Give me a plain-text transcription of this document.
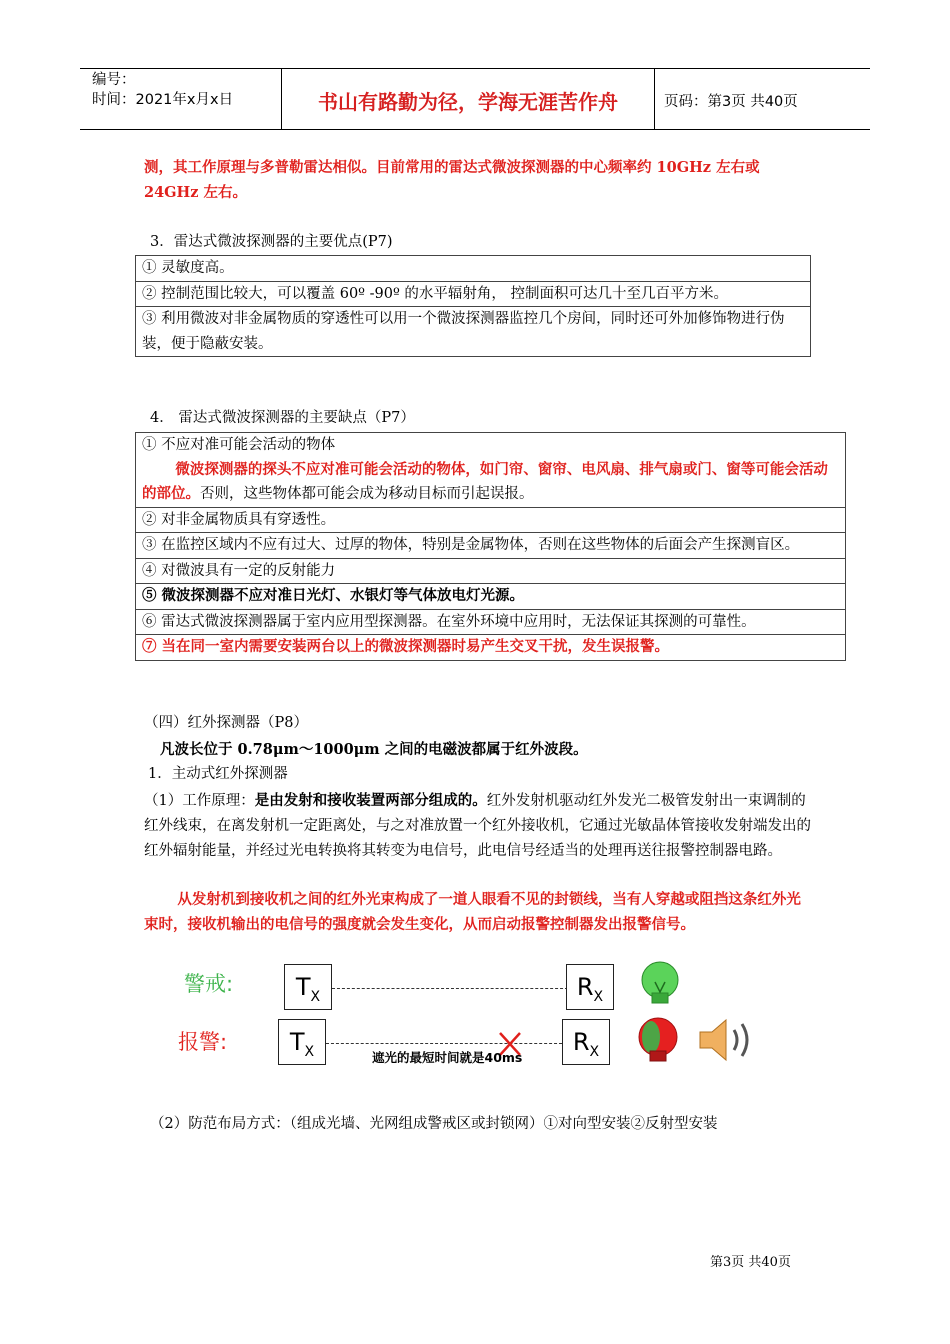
编号：
时间：2021年x月x日	书山有路勤为径，学海无涯苦作舟	页码：第3页 共40页
测，其工作原理与多普勒雷达相似。目前常用的雷达式微波探测器的中心频率约 10GHz 左右或 24GHz 左右。
3．雷达式微波探测器的主要优点(P7)
① 灵敏度高。
② 控制范围比较大，可以覆盖 60º -90º 的水平辐射角， 控制面积可达几十至几百平方米。
③ 利用微波对非金属物质的穿透性可以用一个微波探测器监控几个房间，同时还可外加修饰物进行伪装，便于隐蔽安装。
4． 雷达式微波探测器的主要缺点（P7）
① 不应对准可能会活动的物体
微波探测器的探头不应对准可能会活动的物体，如门帘、窗帘、电风扇、排气扇或门、窗等可能会活动的部位。否则，这些物体都可能会成为移动目标而引起误报。

② 对非金属物质具有穿透性。
③ 在监控区域内不应有过大、过厚的物体，特别是金属物体，否则在这些物体的后面会产生探测盲区。
④ 对微波具有一定的反射能力
⑤ 微波探测器不应对准日光灯、水银灯等气体放电灯光源。
⑥ 雷达式微波探测器属于室内应用型探测器。在室外环境中应用时，无法保证其探测的可靠性。
⑦ 当在同一室内需要安装两台以上的微波探测器时易产生交叉干扰，发生误报警。
（四）红外探测器（P8）
凡波长位于 0.78μm～1000μm 之间的电磁波都属于红外波段。
1．主动式红外探测器
（1）工作原理：是由发射和接收装置两部分组成的。红外发射机驱动红外发光二极管发射出一束调制的红外线束，在离发射机一定距离处，与之对准放置一个红外接收机，它通过光敏晶体管接收发射端发出的红外辐射能量，并经过光电转换将其转变为电信号，此电信号经适当的处理再送往报警控制器电路。
从发射机到接收机之间的红外光束构成了一道人眼看不见的封锁线，当有人穿越或阻挡这条红外光束时，接收机输出的电信号的强度就会发生变化，从而启动报警控制器发出报警信号。
警戒:	$T_X$	$R_X$
报警:	$T_X$	$R_X$
遮光的最短时间就是40ms
（2）防范布局方式：（组成光墙、光网组成警戒区或封锁网）①对向型安装②反射型安装
第3页 共40页
